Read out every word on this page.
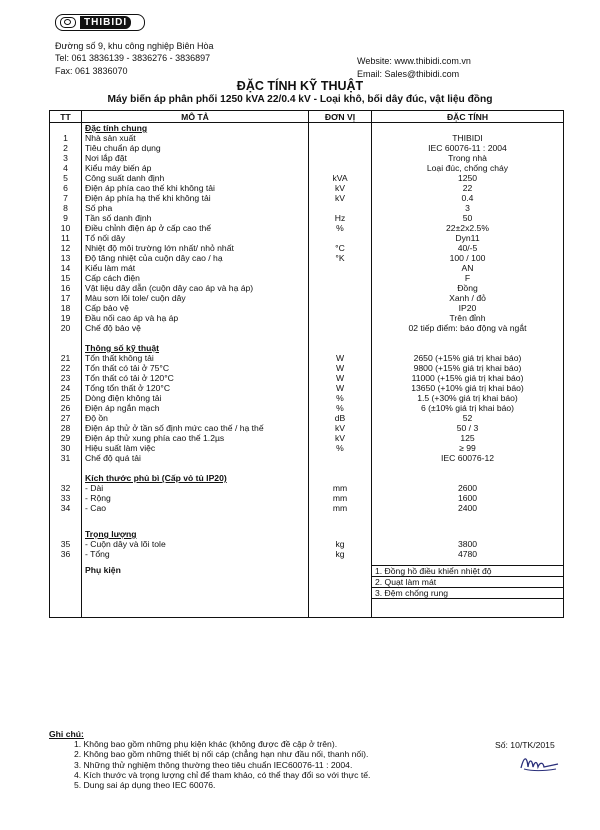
THIBIDI
Đường số 9, khu công nghiệp Biên Hòa
Tel: 061 3836139 - 3836276 - 3836897
Fax: 061 3836070
Website: www.thibidi.com.vn
Email: Sales@thibidi.com
ĐẶC TÍNH KỸ THUẬT
Máy biến áp phân phối 1250 kVA 22/0.4 kV - Loại khô, bối dây đúc, vật liệu đồng
TT	MÔ TẢ	ĐƠN VỊ	ĐẶC TÍNH
	Đặc tính chung		
1	Nhà sản xuất		THIBIDI
2	Tiêu chuẩn áp dụng		IEC 60076-11 : 2004
3	Nơi lắp đặt		Trong nhà
4	Kiểu máy biến áp		Loại đúc, chống cháy
5	Công suất danh định	kVA	1250
6	Điện áp phía cao thế khi không tải	kV	22
7	Điện áp phía hạ thế khi không tải	kV	0.4
8	Số pha		3
9	Tần số danh định	Hz	50
10	Điều chỉnh điện áp ở cấp cao thế	%	22±2x2.5%
11	Tổ nối dây		Dyn11
12	Nhiệt độ môi trường lớn nhất/ nhỏ nhất	°C	40/-5
13	Độ tăng nhiệt của cuộn dây cao / hạ	°K	100 / 100
14	Kiểu làm mát		AN
15	Cấp cách điện		F
16	Vật liệu dây dẫn (cuộn dây cao áp và hạ áp)		Đồng
17	Màu sơn lõi tole/ cuộn dây		Xanh / đỏ
18	Cấp bảo vệ		IP20
19	Đầu nối cao áp và hạ áp		Trên đỉnh
20	Chế độ bảo vệ		02 tiếp điểm: báo động và ngắt

	Thông số kỹ thuật		
21	Tổn thất không tải	W	2650 (+15% giá trị khai báo)
22	Tổn thất có tải ở 75°C	W	9800 (+15% giá trị khai báo)
23	Tổn thất có tải ở 120°C	W	11000 (+15% giá trị khai báo)
24	Tổng tổn thất ở 120°C	W	13650 (+10% giá trị khai báo)
25	Dòng điện không tải	%	1.5 (+30% giá trị khai báo)
26	Điện áp ngắn mạch	%	6 (±10% giá trị khai báo)
27	Độ ồn	dB	52
28	Điện áp thử ở tần số định mức cao thế / hạ thế	kV	50 / 3
29	Điện áp thử xung phía cao thế 1.2µs	kV	125
30	Hiệu suất làm việc	%	≥ 99
31	Chế độ quá tải		IEC 60076-12

	Kích thước phủ bì (Cấp vỏ tủ IP20)		
32	- Dài	mm	2600
33	- Rộng	mm	1600
34	- Cao	mm	2400

	Trọng lượng		
35	- Cuộn dây và lõi tole	kg	3800
36	- Tổng	kg	4780

	Phụ kiện		1. Đồng hồ điều khiển nhiệt độ
2. Quạt làm mát
3. Đệm chống rung

Ghi chú:
1. Không bao gồm những phụ kiện khác (không được đề cập ở trên).
2. Không bao gồm những thiết bị nối cáp (chẳng hạn như đầu nối, thanh nối).
3. Những thử nghiệm thông thường theo tiêu chuẩn IEC60076-11 : 2004.
4. Kích thước và trọng lượng chỉ để tham khảo, có thể thay đổi so với thực tế.
5. Dung sai áp dụng theo IEC 60076.
Số: 10/TK/2015
